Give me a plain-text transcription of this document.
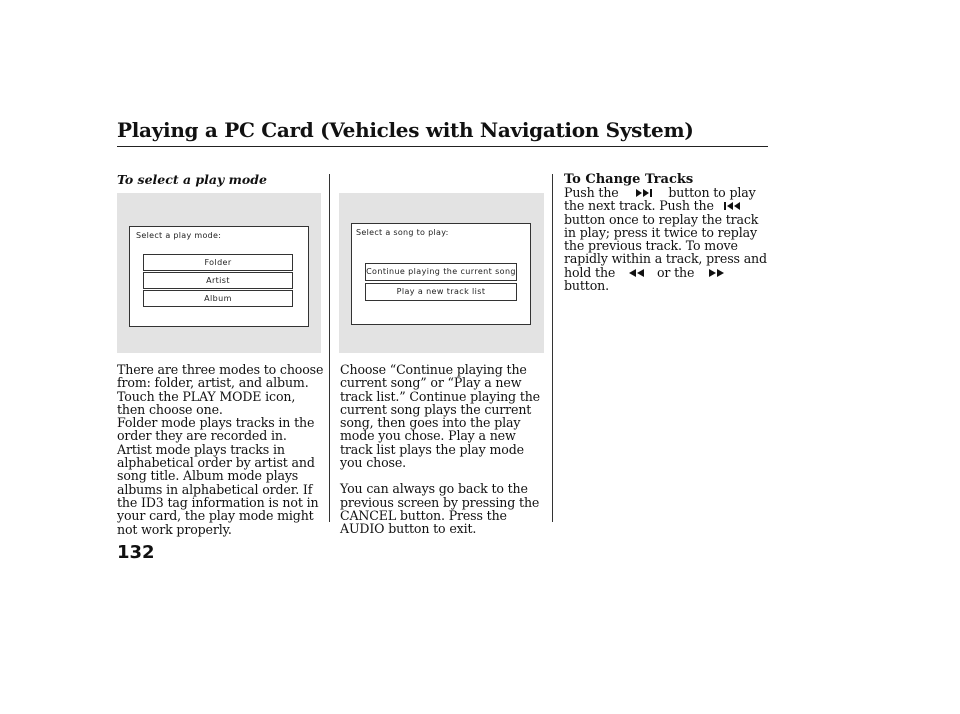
Playing a PC Card (Vehicles with Navigation System)
To select a play mode	To Change Tracks
Select a play mode:
Folder
Artist
Album
Select a song to play:
Continue playing the current song
Play a new track list

There are three modes to choose from: folder, artist, and album. Touch the PLAY MODE icon, then choose one.

Folder mode plays tracks in the order they are recorded in. Artist mode plays tracks in alphabetical order by artist and song title. Album mode plays albums in alphabetical order. If the ID3 tag information is not in your card, the play mode might not work properly.

Choose “Continue playing the current song” or “Play a new track list.” Continue playing the current song plays the current song, then goes into the play mode you chose. Play a new track list plays the play mode you chose.

You can always go back to the previous screen by pressing the CANCEL button. Press the AUDIO button to exit.

Push the	button to play the next track. Push the  button once to replay the track in play; press it twice to replay the previous track. To move rapidly within a track, press and hold the	or the  button.

132
